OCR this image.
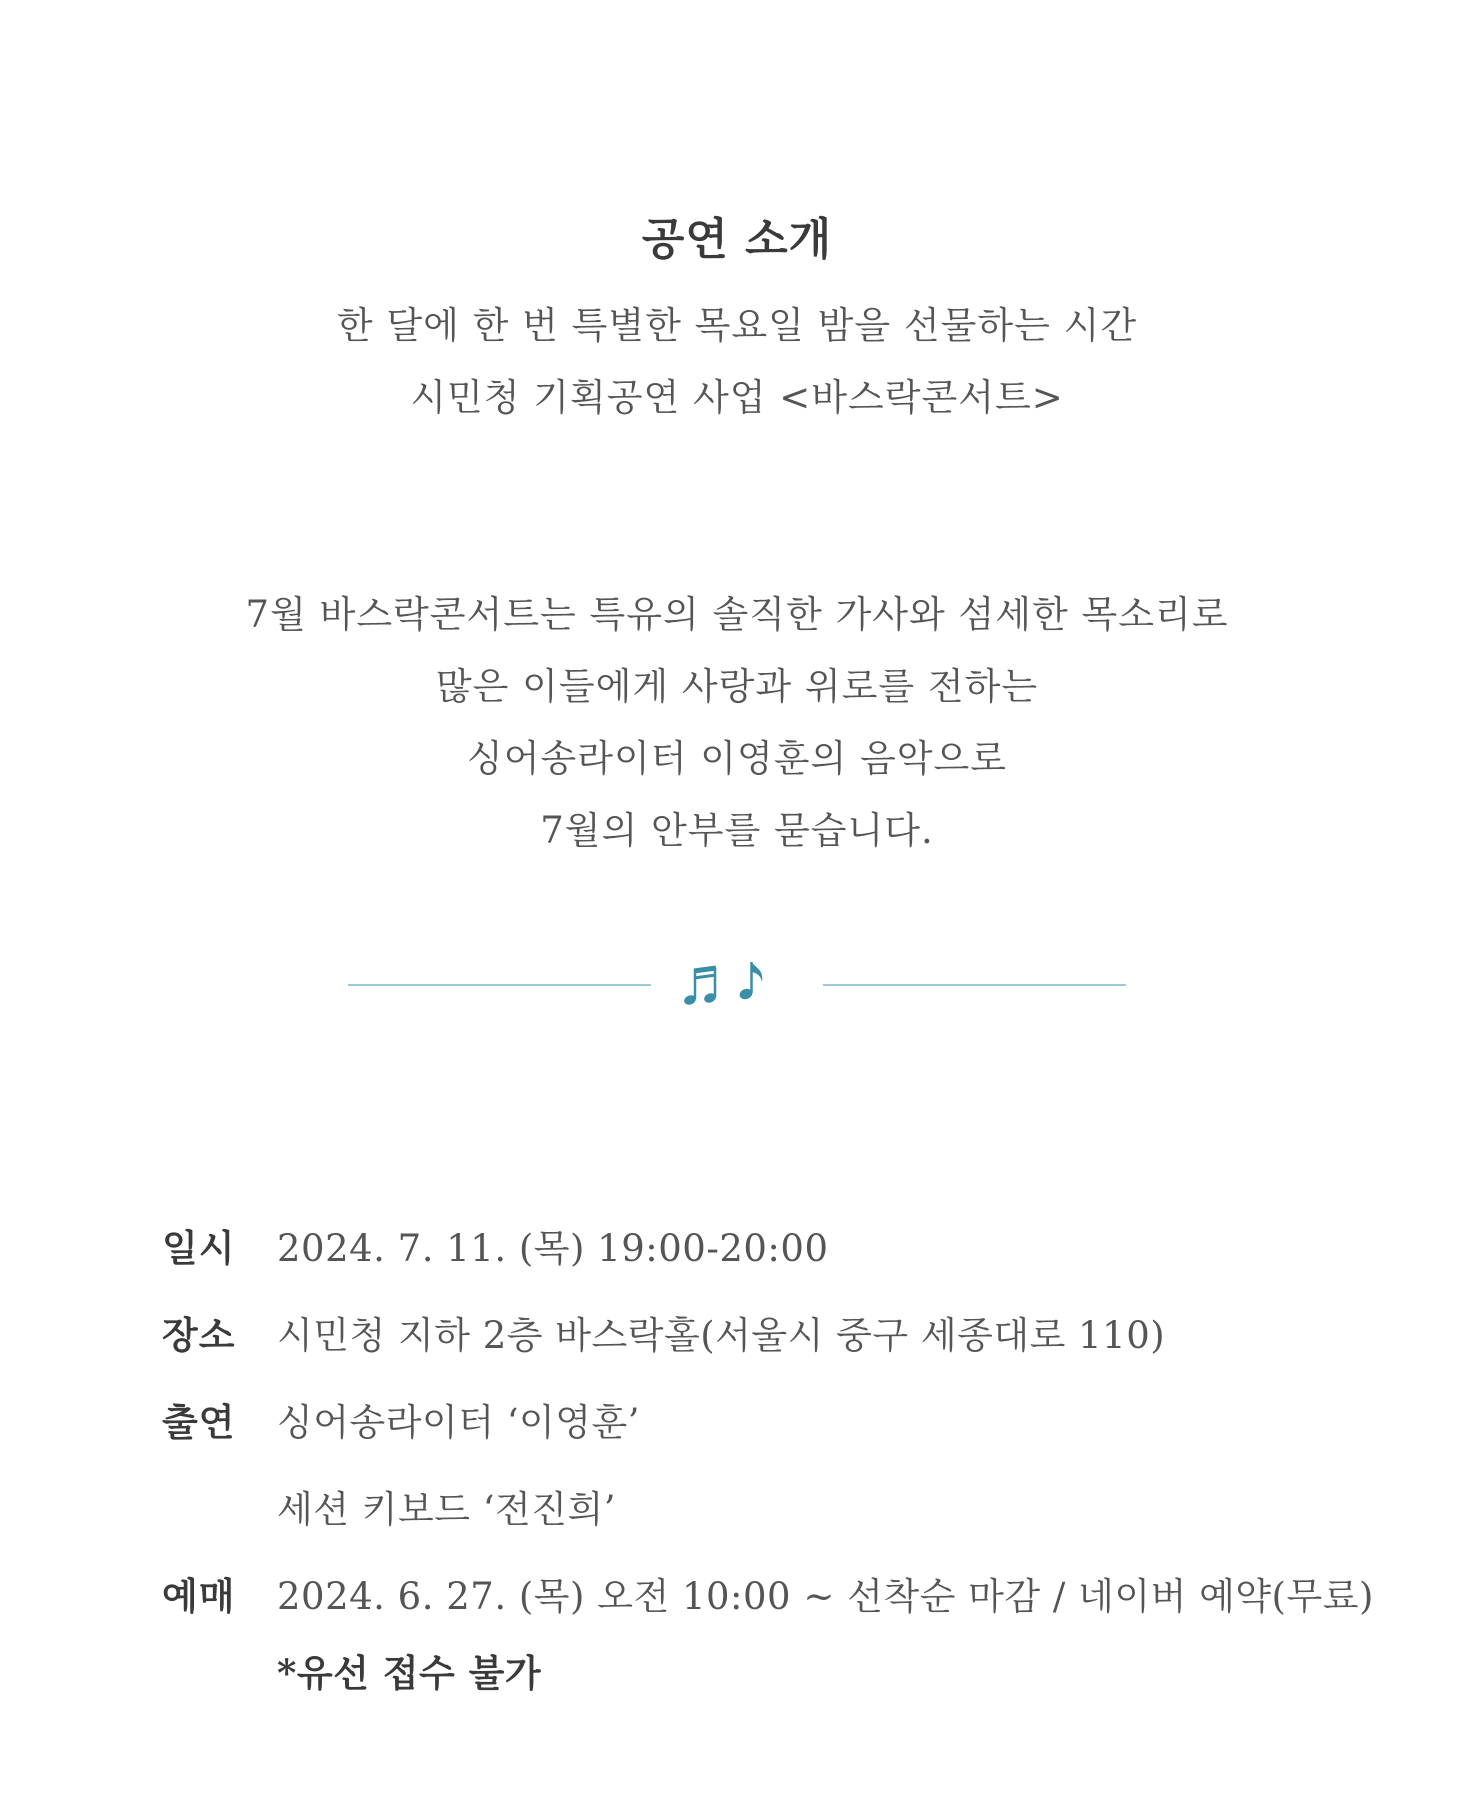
공연 소개
한 달에 한 번 특별한 목요일 밤을 선물하는 시간
시민청 기획공연 사업 <바스락콘서트>
7월 바스락콘서트는 특유의 솔직한 가사와 섬세한 목소리로
많은 이들에게 사랑과 위로를 전하는
싱어송라이터 이영훈의 음악으로
7월의 안부를 묻습니다.
일시 2024. 7. 11. (목) 19:00-20:00
장소 시민청 지하 2층 바스락홀(서울시 중구 세종대로 110)
출연 싱어송라이터 ‘이영훈’
세션 키보드 ‘전진희’
예매 2024. 6. 27. (목) 오전 10:00 ~ 선착순 마감 / 네이버 예약(무료)
*유선 접수 불가
